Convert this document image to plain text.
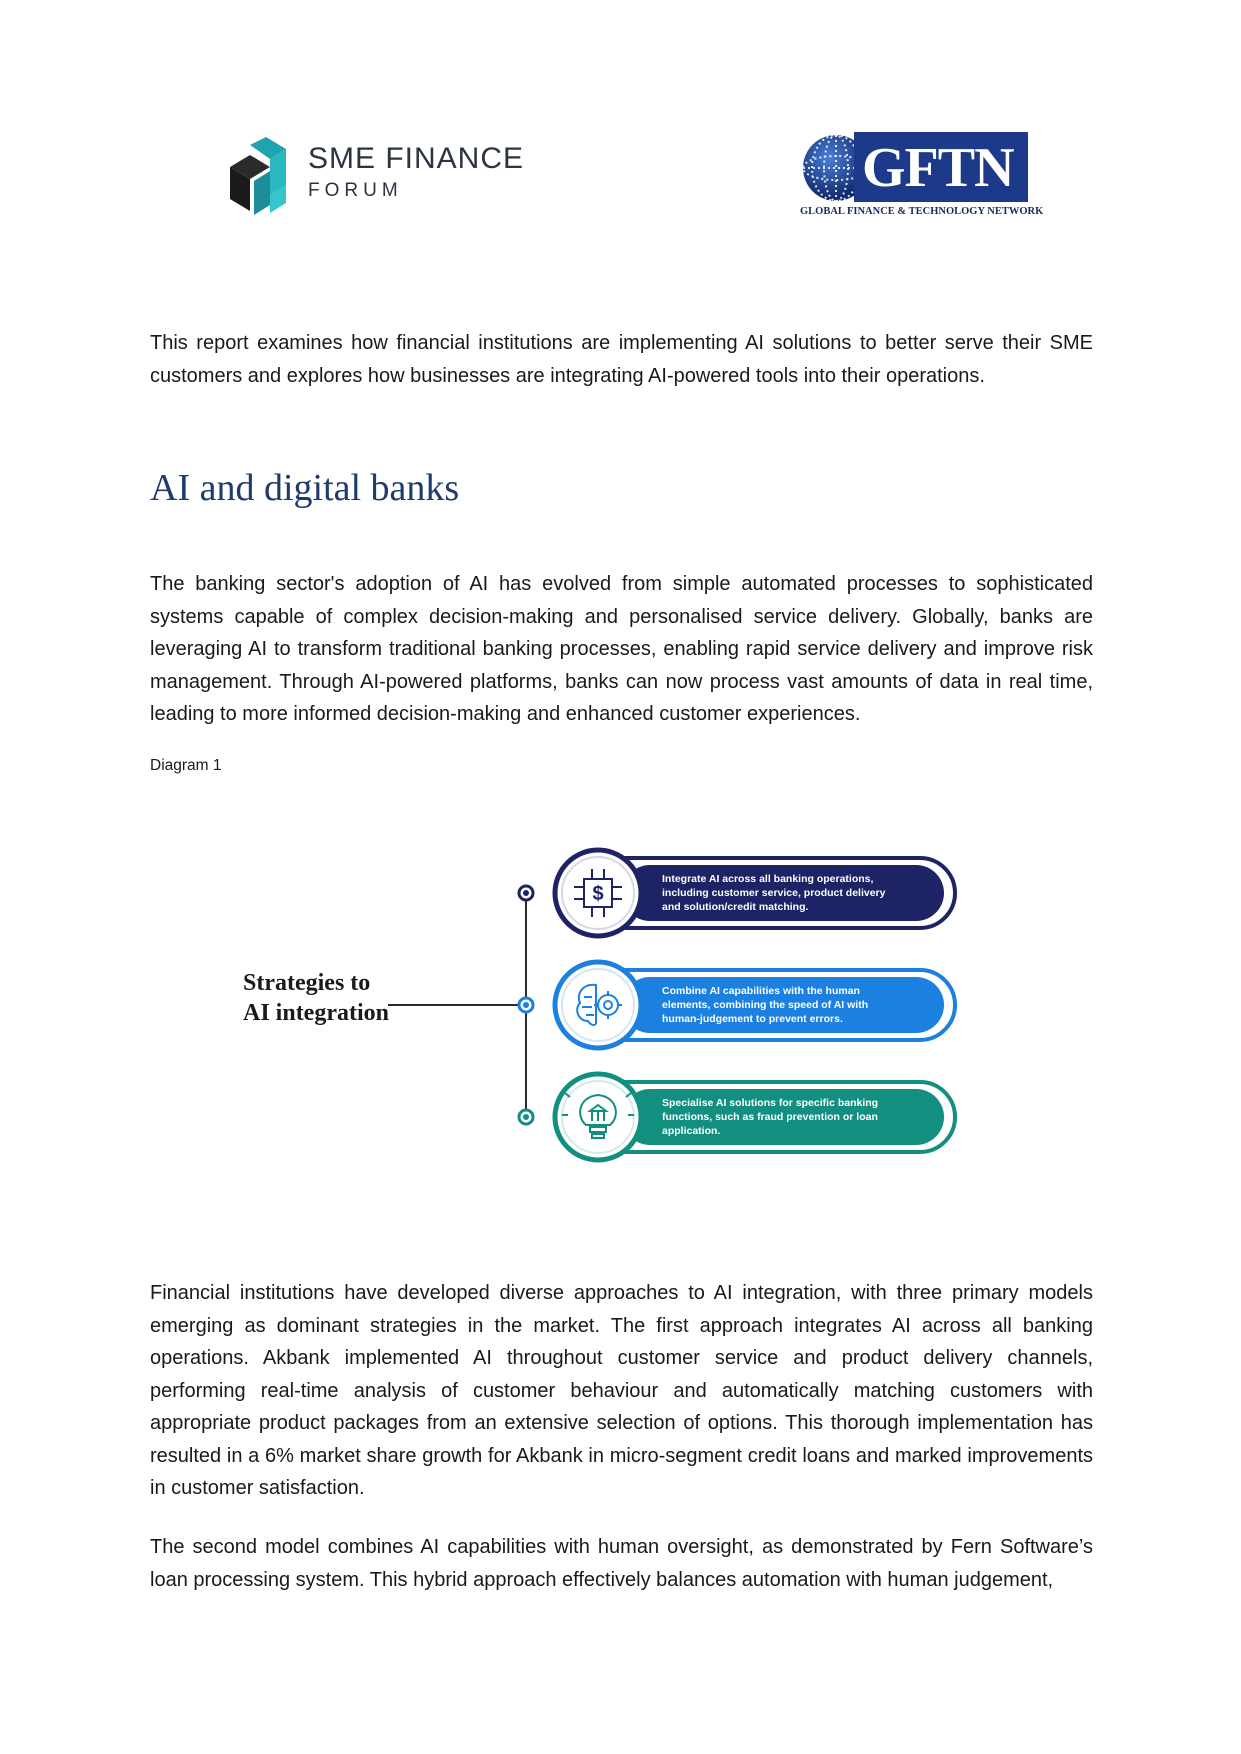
SME FINANCE
FORUM	GFTN
GLOBAL FINANCE & TECHNOLOGY NETWORK
This report examines how financial institutions are implementing AI solutions to better serve their SME customers and explores how businesses are integrating AI-powered tools into their operations.
AI and digital banks
The banking sector's adoption of AI has evolved from simple automated processes to sophisticated systems capable of complex decision-making and personalised service delivery. Globally, banks are leveraging AI to transform traditional banking processes, enabling rapid service delivery and improve risk management. Through AI-powered platforms, banks can now process vast amounts of data in real time, leading to more informed decision-making and enhanced customer experiences.
Diagram 1
$
Strategies to
AI integration
Integrate AI across all banking operations,
including customer service, product delivery
and solution/credit matching.
Combine AI capabilities with the human
elements, combining the speed of AI with
human-judgement to prevent errors.
Specialise AI solutions for specific banking
functions, such as fraud prevention or loan
application.
Financial institutions have developed diverse approaches to AI integration, with three primary models emerging as dominant strategies in the market. The first approach integrates AI across all banking operations. Akbank implemented AI throughout customer service and product delivery channels, performing real-time analysis of customer behaviour and automatically matching customers with appropriate product packages from an extensive selection of options. This thorough implementation has resulted in a 6% market share growth for Akbank in micro-segment credit loans and marked improvements in customer satisfaction.
The second model combines AI capabilities with human oversight, as demonstrated by Fern Software’s loan processing system. This hybrid approach effectively balances automation with human judgement,
